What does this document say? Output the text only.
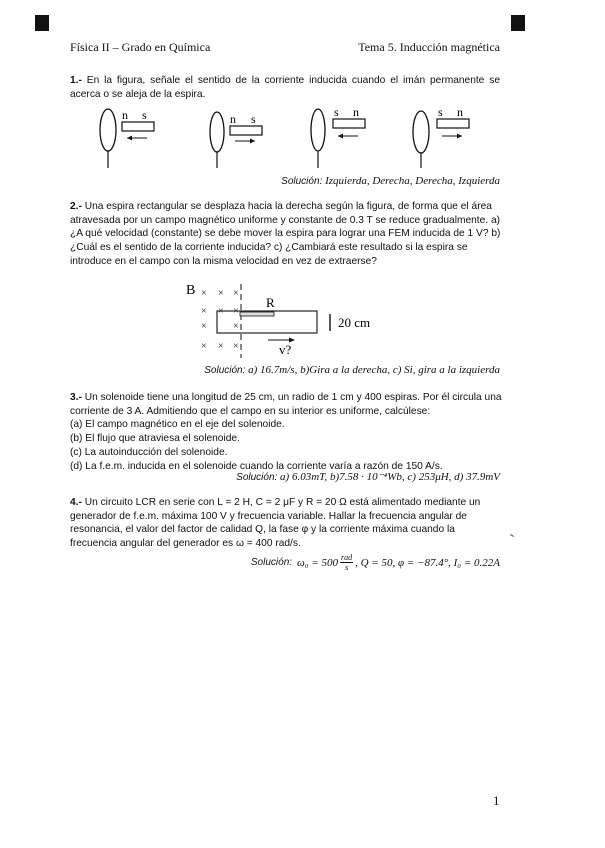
Física II – Grado en Química	Tema 5. Inducción magnética
1.- En la figura, señale el sentido de la corriente inducida cuando el imán permanente se acerca o se aleja de la espira.
n s	n s	s n	s n
Solución: Izquierda, Derecha, Derecha, Izquierda
2.- Una espira rectangular se desplaza hacia la derecha según la figura, de forma que el área
atravesada por un campo magnético uniforme y constante de 0.3 T se reduce gradualmente. a)
¿A qué velocidad (constante) se debe mover la espira para lograr una FEM inducida de 1 V? b)
¿Cuál es el sentido de la corriente inducida? c) ¿Cambiará este resultado si la espira se
introduce en el campo con la misma velocidad en vez de extraerse?
B × × ×
× × ×
×	×
× × ×
R
20 cm
v?
Solución: a) 16.7m/s, b)Gira a la derecha, c) Si, gira a la izquierda
3.- Un solenoide tiene una longitud de 25 cm, un radio de 1 cm y 400 espiras. Por él circula una
corriente de 3 A. Admitiendo que el campo en su interior es uniforme, calcúlese:
(a) El campo magnético en el eje del solenoide.
(b) El flujo que atraviesa el solenoide.
(c) La autoinducción del solenoide.
(d) La f.e.m. inducida en el solenoide cuando la corriente varía a razón de 150 A/s.
Solución: a) 6.03mT, b)7.58 · 10⁻⁴Wb, c) 253μH, d) 37.9mV
4.- Un circuito LCR en serie con L = 2 H, C = 2 μF y R = 20 Ω está alimentado mediante un
generador de f.e.m. máxima 100 V y frecuencia variable. Hallar la frecuencia angular de
resonancia, el valor del factor de calidad Q, la fase φ y la corriente máxima cuando la
frecuencia angular del generador es ω = 400 rad/s.
Solución: ω₀ = 500 rad
s , Q = 50, φ = −87.4°, I₀ = 0.22A
1
